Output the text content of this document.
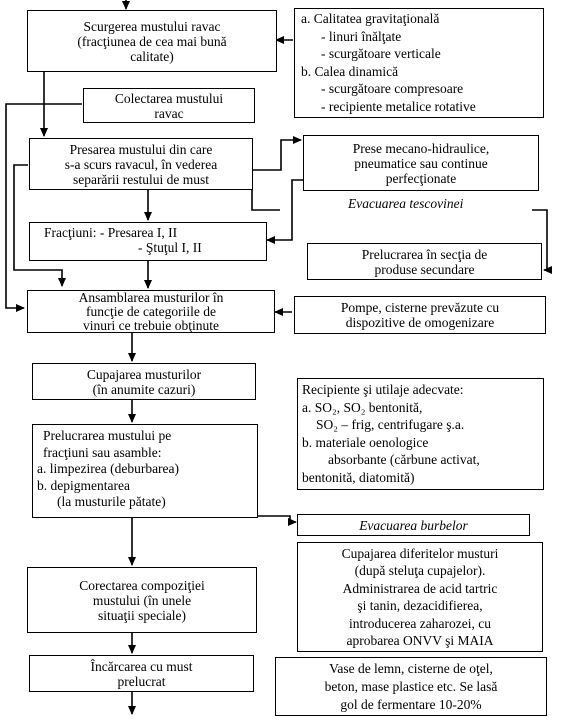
Scurgerea mustului ravac
(fracţiunea de cea mai bună
calitate)
Colectarea mustului
ravac
Presarea mustului din care
s-a scurs ravacul, în vederea
separării restului de must
Fracţiuni: - Presarea I, II
- Ştuţul I, II
Ansamblarea musturilor în
funcţie de categoriile de
vinuri ce trebuie obţinute
Cupajarea musturilor
(în anumite cazuri)
Prelucrarea mustului pe
fracţiuni sau asamble:
a. limpezirea (deburbarea)
b. depigmentarea
(la musturile pătate)
Corectarea compoziţiei
mustului (în unele
situaţii speciale)
Încărcarea cu must
prelucrat
a. Calitatea gravitaţională
- linuri înălţate
- scurgătoare verticale
b. Calea dinamică
- scurgătoare compresoare
- recipiente metalice rotative
Prese mecano-hidraulice,
pneumatice sau continue
perfecţionate
Evacuarea tescovinei
Prelucrarea în secţia de
produse secundare
Pompe, cisterne prevăzute cu
dispozitive de omogenizare
Recipiente şi utilaje adecvate:
a. SO₂, SO₂ bentonită,
SO₂ – frig, centrifugare ş.a.
b. materiale oenologice
absorbante (cărbune activat,
bentonită, diatomită)
Evacuarea burbelor
Cupajarea diferitelor musturi
(după steluţa cupajelor).
Administrarea de acid tartric
şi tanin, dezacidifierea,
introducerea zaharozei, cu
aprobarea ONVV şi MAIA
Vase de lemn, cisterne de oţel,
beton, mase plastice etc. Se lasă
gol de fermentare 10-20%
